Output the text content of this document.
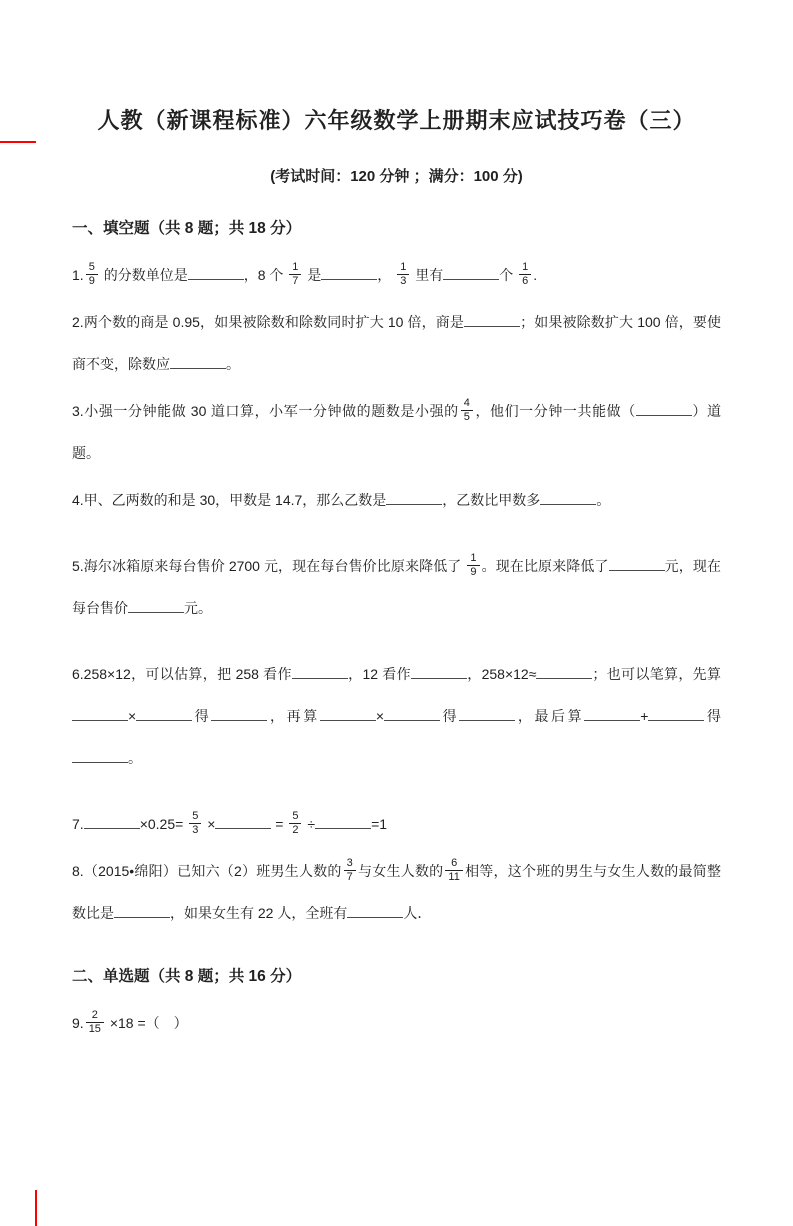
人教（新课程标准）六年级数学上册期末应试技巧卷（三）
(考试时间：120 分钟 ；满分：100 分)
一、填空题（共 8 题；共 18 分）

1. $\frac{5}{9}$ 的分数单位是	，8 个 $\frac{1}{7}$ 是	， $\frac{1}{3}$ 里有	个 $\frac{1}{6}$ .

2.两个数的商是 0.95，如果被除数和除数同时扩大 10 倍，商是	；如果被除数扩大 100 倍，要使商不变，除数应	。

3.小强一分钟能做 30 道口算，小军一分钟做的题数是小强的 $\frac{4}{5}$ ，他们一分钟一共能做（	）道题。

4.甲、乙两数的和是 30，甲数是 14.7，那么乙数是	，乙数比甲数多	。

5.海尔冰箱原来每台售价 2700 元，现在每台售价比原来降低了 $\frac{1}{9}$ 。现在比原来降低了	元，现在每台售价	元。

6.258×12，可以估算，把 258 看作	，12 看作	，258×12≈	；也可以笔算，先算×	得	，再算	×	得	，最后算	+	得。

7.	$\times 0.25= \frac{5}{3}$ ×	= $\frac{5}{2}$ ÷	=1

8.（2015•绵阳）已知六（2）班男生人数的 $\frac{3}{7}$ 与女生人数的 $\frac{6}{11}$ 相等，这个班的男生与女生人数的最简整数比是	，如果女生有 22 人，全班有	人．

二、单选题（共 8 题；共 16 分）

9. $\frac{2}{15} \times 18$ =（　）
